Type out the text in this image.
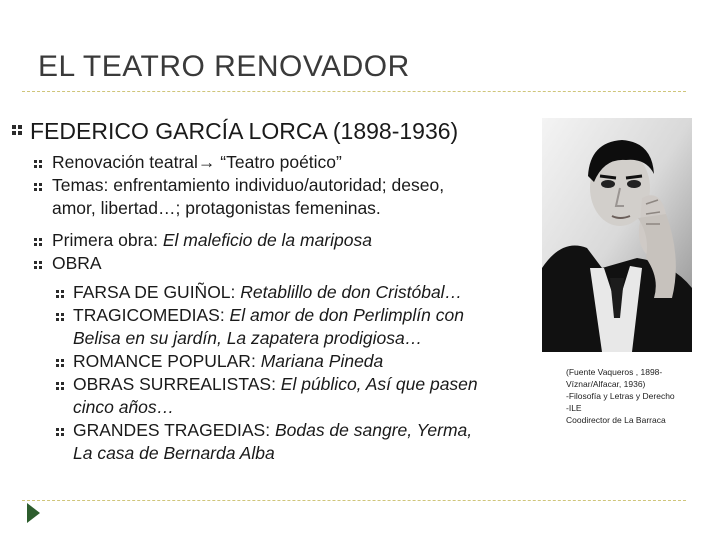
EL TEATRO RENOVADOR
FEDERICO GARCÍA LORCA (1898-1936)
Renovación teatral→ “Teatro poético”
Temas: enfrentamiento individuo/autoridad; deseo,
amor, libertad…; protagonistas femeninas.
Primera obra: El maleficio de la mariposa
OBRA
FARSA DE GUIÑOL: Retablillo de don Cristóbal…
TRAGICOMEDIAS: El amor de don Perlimplín con
Belisa en su jardín, La zapatera prodigiosa…
ROMANCE POPULAR: Mariana Pineda
OBRAS SURREALISTAS: El público, Así que pasen
cinco años…
GRANDES TRAGEDIAS: Bodas de sangre, Yerma,
La casa de Bernarda Alba
(Fuente Vaqueros , 1898-
Víznar/Alfacar, 1936)
-Filosofía y Letras y Derecho
-ILE
Coodirector de La Barraca
